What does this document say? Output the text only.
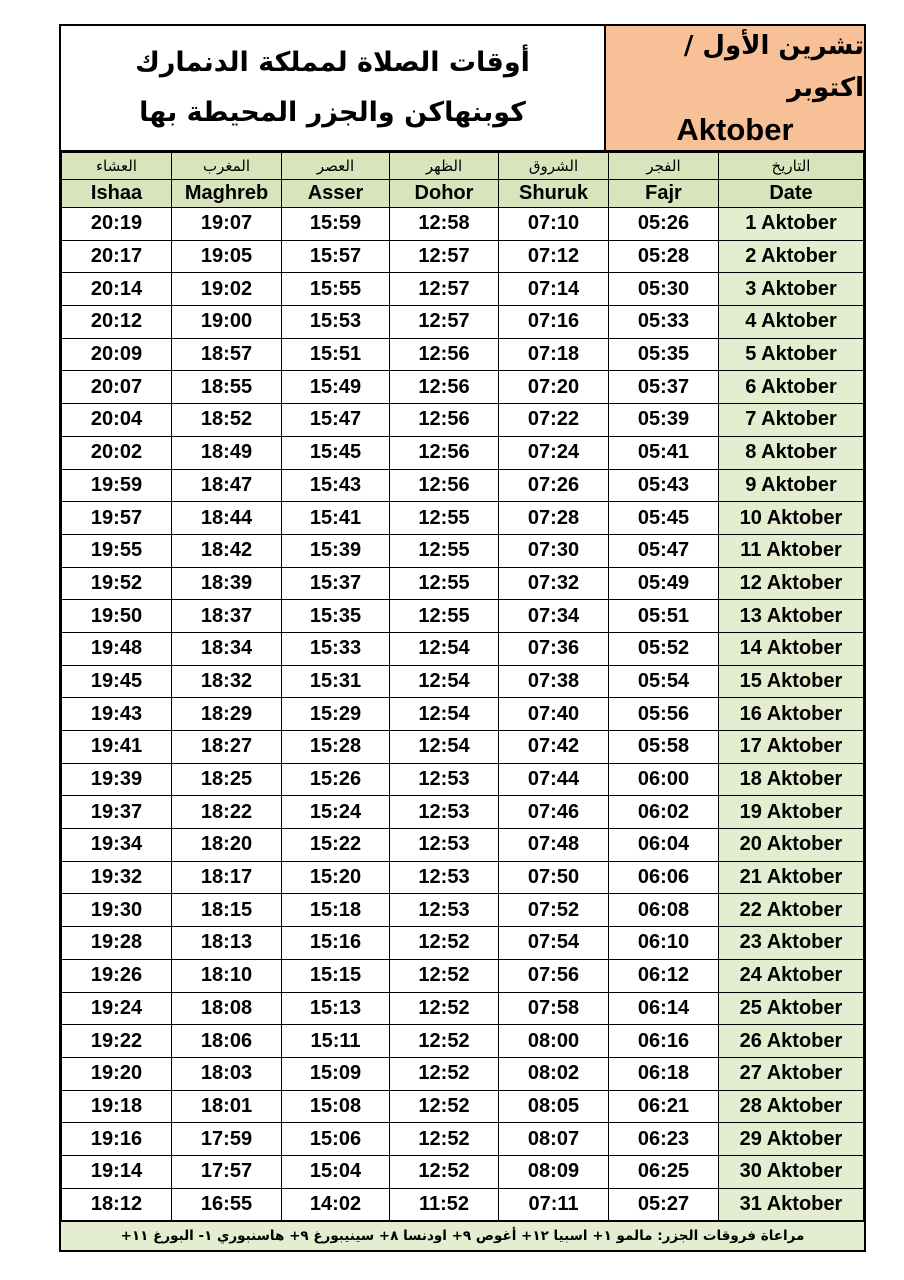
أوقات الصلاة لمملكة الدنمارك
كوبنهاكن والجزر المحيطة بها
تشرين الأول / اكتوبر
Aktober
العشاء	المغرب	العصر	الظهر	الشروق	الفجر	التاريخ
Ishaa	Maghreb	Asser	Dohor	Shuruk	Fajr	Date
20:19	19:07	15:59	12:58	07:10	05:26	1 Aktober
20:17	19:05	15:57	12:57	07:12	05:28	2 Aktober
20:14	19:02	15:55	12:57	07:14	05:30	3 Aktober
20:12	19:00	15:53	12:57	07:16	05:33	4 Aktober
20:09	18:57	15:51	12:56	07:18	05:35	5 Aktober
20:07	18:55	15:49	12:56	07:20	05:37	6 Aktober
20:04	18:52	15:47	12:56	07:22	05:39	7 Aktober
20:02	18:49	15:45	12:56	07:24	05:41	8 Aktober
19:59	18:47	15:43	12:56	07:26	05:43	9 Aktober
19:57	18:44	15:41	12:55	07:28	05:45	10 Aktober
19:55	18:42	15:39	12:55	07:30	05:47	11 Aktober
19:52	18:39	15:37	12:55	07:32	05:49	12 Aktober
19:50	18:37	15:35	12:55	07:34	05:51	13 Aktober
19:48	18:34	15:33	12:54	07:36	05:52	14 Aktober
19:45	18:32	15:31	12:54	07:38	05:54	15 Aktober
19:43	18:29	15:29	12:54	07:40	05:56	16 Aktober
19:41	18:27	15:28	12:54	07:42	05:58	17 Aktober
19:39	18:25	15:26	12:53	07:44	06:00	18 Aktober
19:37	18:22	15:24	12:53	07:46	06:02	19 Aktober
19:34	18:20	15:22	12:53	07:48	06:04	20 Aktober
19:32	18:17	15:20	12:53	07:50	06:06	21 Aktober
19:30	18:15	15:18	12:53	07:52	06:08	22 Aktober
19:28	18:13	15:16	12:52	07:54	06:10	23 Aktober
19:26	18:10	15:15	12:52	07:56	06:12	24 Aktober
19:24	18:08	15:13	12:52	07:58	06:14	25 Aktober
19:22	18:06	15:11	12:52	08:00	06:16	26 Aktober
19:20	18:03	15:09	12:52	08:02	06:18	27 Aktober
19:18	18:01	15:08	12:52	08:05	06:21	28 Aktober
19:16	17:59	15:06	12:52	08:07	06:23	29 Aktober
19:14	17:57	15:04	12:52	08:09	06:25	30 Aktober
18:12	16:55	14:02	11:52	07:11	05:27	31 Aktober
مراعاة فروقات الجزر: مالمو ١+ اسبيا ١٢+ أغوص ٩+ اودنسا ٨+ سينيبورغ ٩+ هاسنبوري ١- البورغ ١١+
